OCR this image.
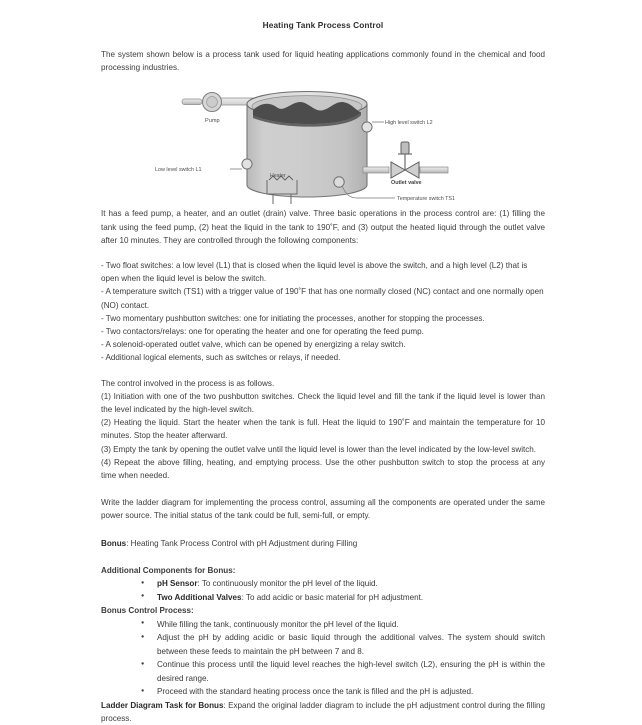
Heating Tank Process Control

The system shown below is a process tank used for liquid heating applications commonly found in the chemical and food processing industries.

Pump	High level switch L2
Low level switch L1
Heater
Temperature switch TS1
Outlet valve

It has a feed pump, a heater, and an outlet (drain) valve. Three basic operations in the process control are: (1) filling the tank using the feed pump, (2) heat the liquid in the tank to 190˚F, and (3) output the heated liquid through the outlet valve after 10 minutes. They are controlled through the following components:

- Two float switches: a low level (L1) that is closed when the liquid level is above the switch, and a high level (L2) that is open when the liquid level is below the switch.

- A temperature switch (TS1) with a trigger value of 190˚F that has one normally closed (NC) contact and one normally open (NO) contact.

- Two momentary pushbutton switches: one for initiating the processes, another for stopping the processes.

- Two contactors/relays: one for operating the heater and one for operating the feed pump.

- A solenoid-operated outlet valve, which can be opened by energizing a relay switch.

- Additional logical elements, such as switches or relays, if needed.

The control involved in the process is as follows.

(1) Initiation with one of the two pushbutton switches. Check the liquid level and fill the tank if the liquid level is lower than the level indicated by the high-level switch.

(2) Heating the liquid. Start the heater when the tank is full. Heat the liquid to 190˚F and maintain the temperature for 10 minutes. Stop the heater afterward.

(3) Empty the tank by opening the outlet valve until the liquid level is lower than the level indicated by the low-level switch.

(4) Repeat the above filling, heating, and emptying process. Use the other pushbutton switch to stop the process at any time when needed.

Write the ladder diagram for implementing the process control, assuming all the components are operated under the same power source. The initial status of the tank could be full, semi-full, or empty.

Bonus: Heating Tank Process Control with pH Adjustment during Filling

Additional Components for Bonus:

● pH Sensor: To continuously monitor the pH level of the liquid.
● Two Additional Valves: To add acidic or basic material for pH adjustment.

Bonus Control Process:

● While filling the tank, continuously monitor the pH level of the liquid.
● Adjust the pH by adding acidic or basic liquid through the additional valves. The system should switch between these feeds to maintain the pH between 7 and 8.
● Continue this process until the liquid level reaches the high-level switch (L2), ensuring the pH is within the desired range.
● Proceed with the standard heating process once the tank is filled and the pH is adjusted.

Ladder Diagram Task for Bonus: Expand the original ladder diagram to include the pH adjustment control during the filling process.
